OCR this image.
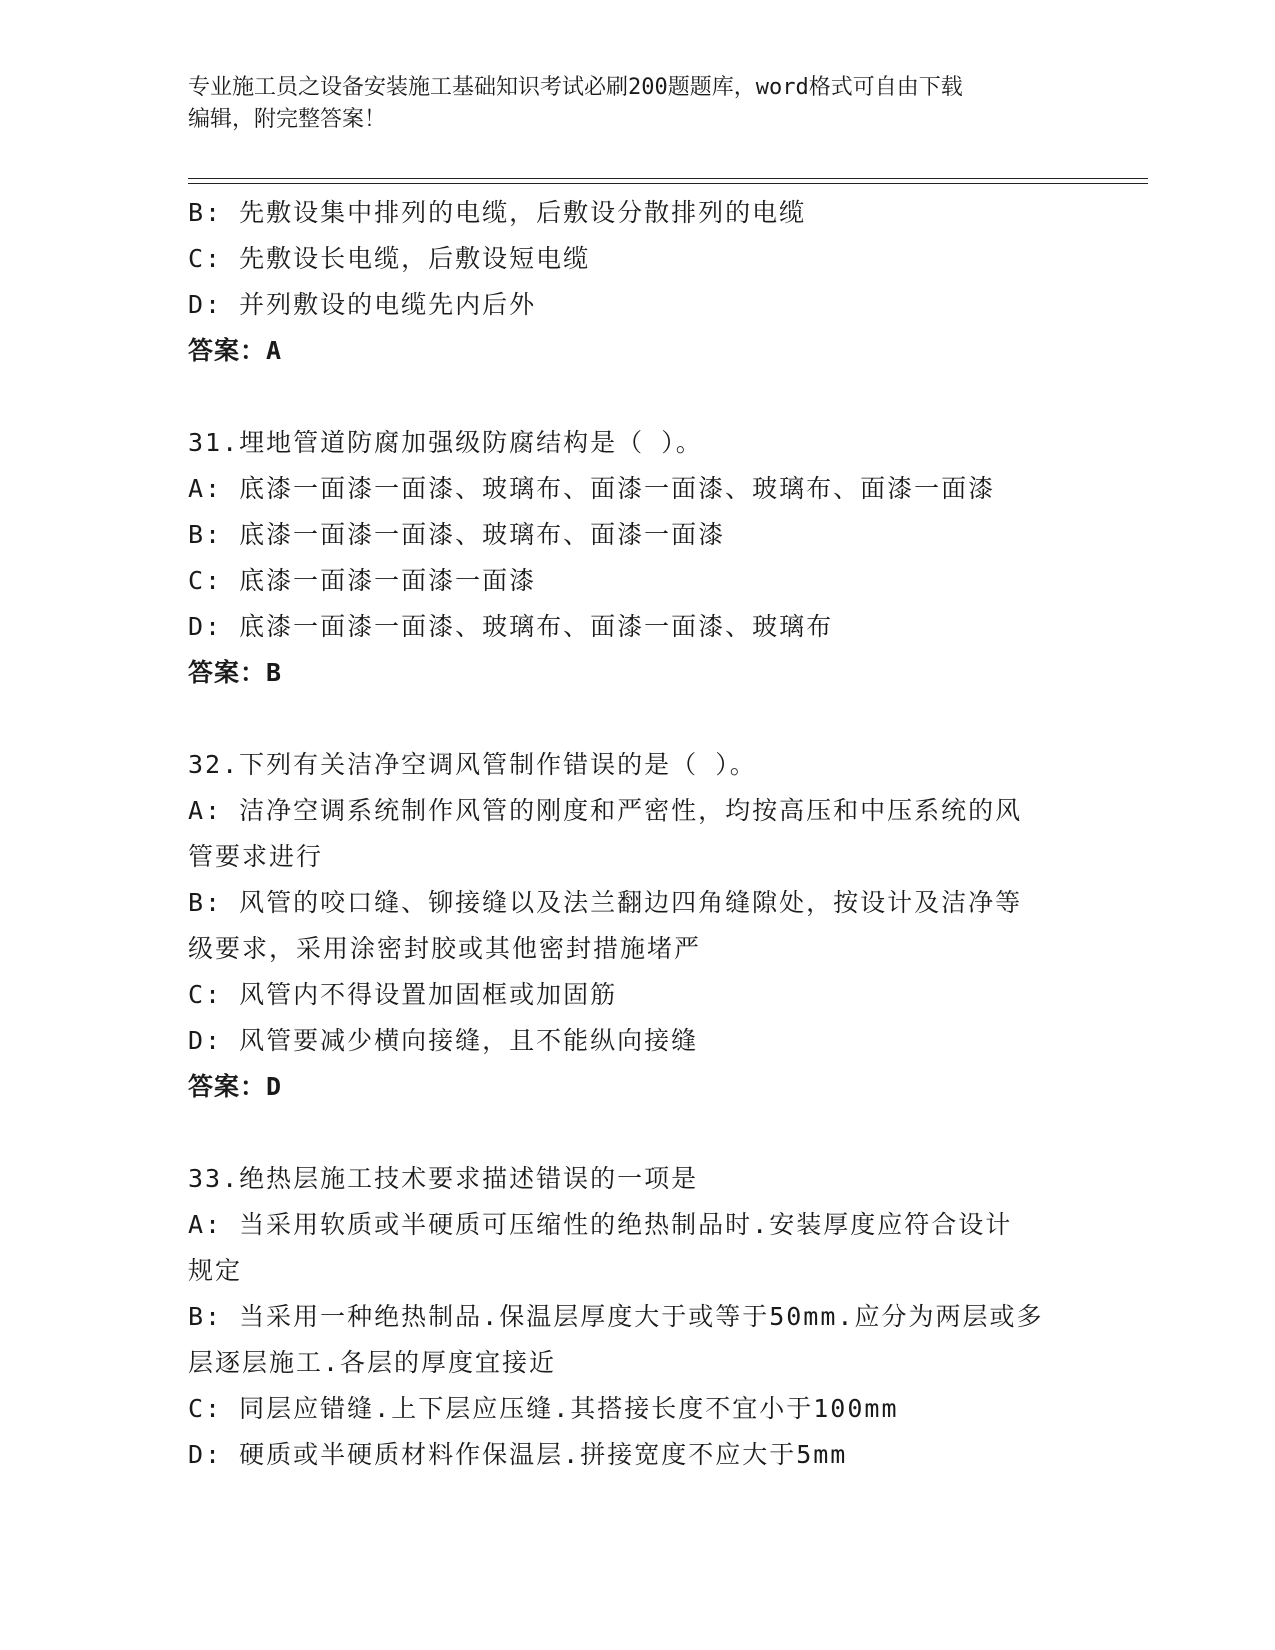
专业施工员之设备安装施工基础知识考试必刷200题题库，word格式可自由下载
编辑，附完整答案！

B: 先敷设集中排列的电缆，后敷设分散排列的电缆

C: 先敷设长电缆，后敷设短电缆

D: 并列敷设的电缆先内后外

答案：A

31.埋地管道防腐加强级防腐结构是（ ）。

A: 底漆一面漆一面漆、玻璃布、面漆一面漆、玻璃布、面漆一面漆

B: 底漆一面漆一面漆、玻璃布、面漆一面漆

C: 底漆一面漆一面漆一面漆

D: 底漆一面漆一面漆、玻璃布、面漆一面漆、玻璃布

答案：B

32.下列有关洁净空调风管制作错误的是（ ）。

A: 洁净空调系统制作风管的刚度和严密性，均按高压和中压系统的风

管要求进行

B: 风管的咬口缝、铆接缝以及法兰翻边四角缝隙处，按设计及洁净等

级要求，采用涂密封胶或其他密封措施堵严

C: 风管内不得设置加固框或加固筋

D: 风管要减少横向接缝，且不能纵向接缝

答案：D

33.绝热层施工技术要求描述错误的一项是

A: 当采用软质或半硬质可压缩性的绝热制品时.安装厚度应符合设计

规定

B: 当采用一种绝热制品.保温层厚度大于或等于50mm.应分为两层或多

层逐层施工.各层的厚度宜接近

C: 同层应错缝.上下层应压缝.其搭接长度不宜小于100mm

D: 硬质或半硬质材料作保温层.拼接宽度不应大于5mm
